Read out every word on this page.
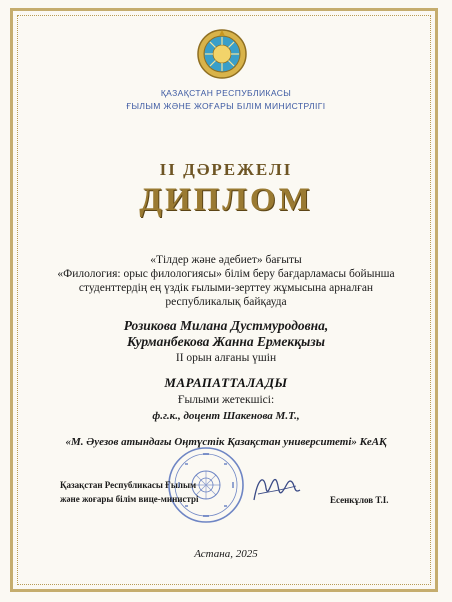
ҚАЗАҚСТАН РЕСПУБЛИКАСЫ
ҒЫЛЫМ ЖӘНЕ ЖОҒАРЫ БІЛІМ МИНИСТРЛІГІ
II ДӘРЕЖЕЛІ
ДИПЛОМ
«Тілдер және әдебиет» бағыты
«Филология: орыс филологиясы» білім беру бағдарламасы бойынша
студенттердің ең үздік ғылыми-зерттеу жұмысына арналған
республикалық байқауда
Розикова Милана Дустмуродовна,
Курманбекова Жанна Ермекқызы
II орын алғаны үшін
МАРАПАТТАЛАДЫ
Ғылыми жетекшісі:
ф.г.к., доцент Шакенова М.Т.,
«М. Әуезов атындағы Оңтүстік Қазақстан университеті» КеАҚ
Қазақстан Республикасы Ғылым
және жоғары білім вице-министрі	Есенкұлов Т.І.
Астана, 2025
